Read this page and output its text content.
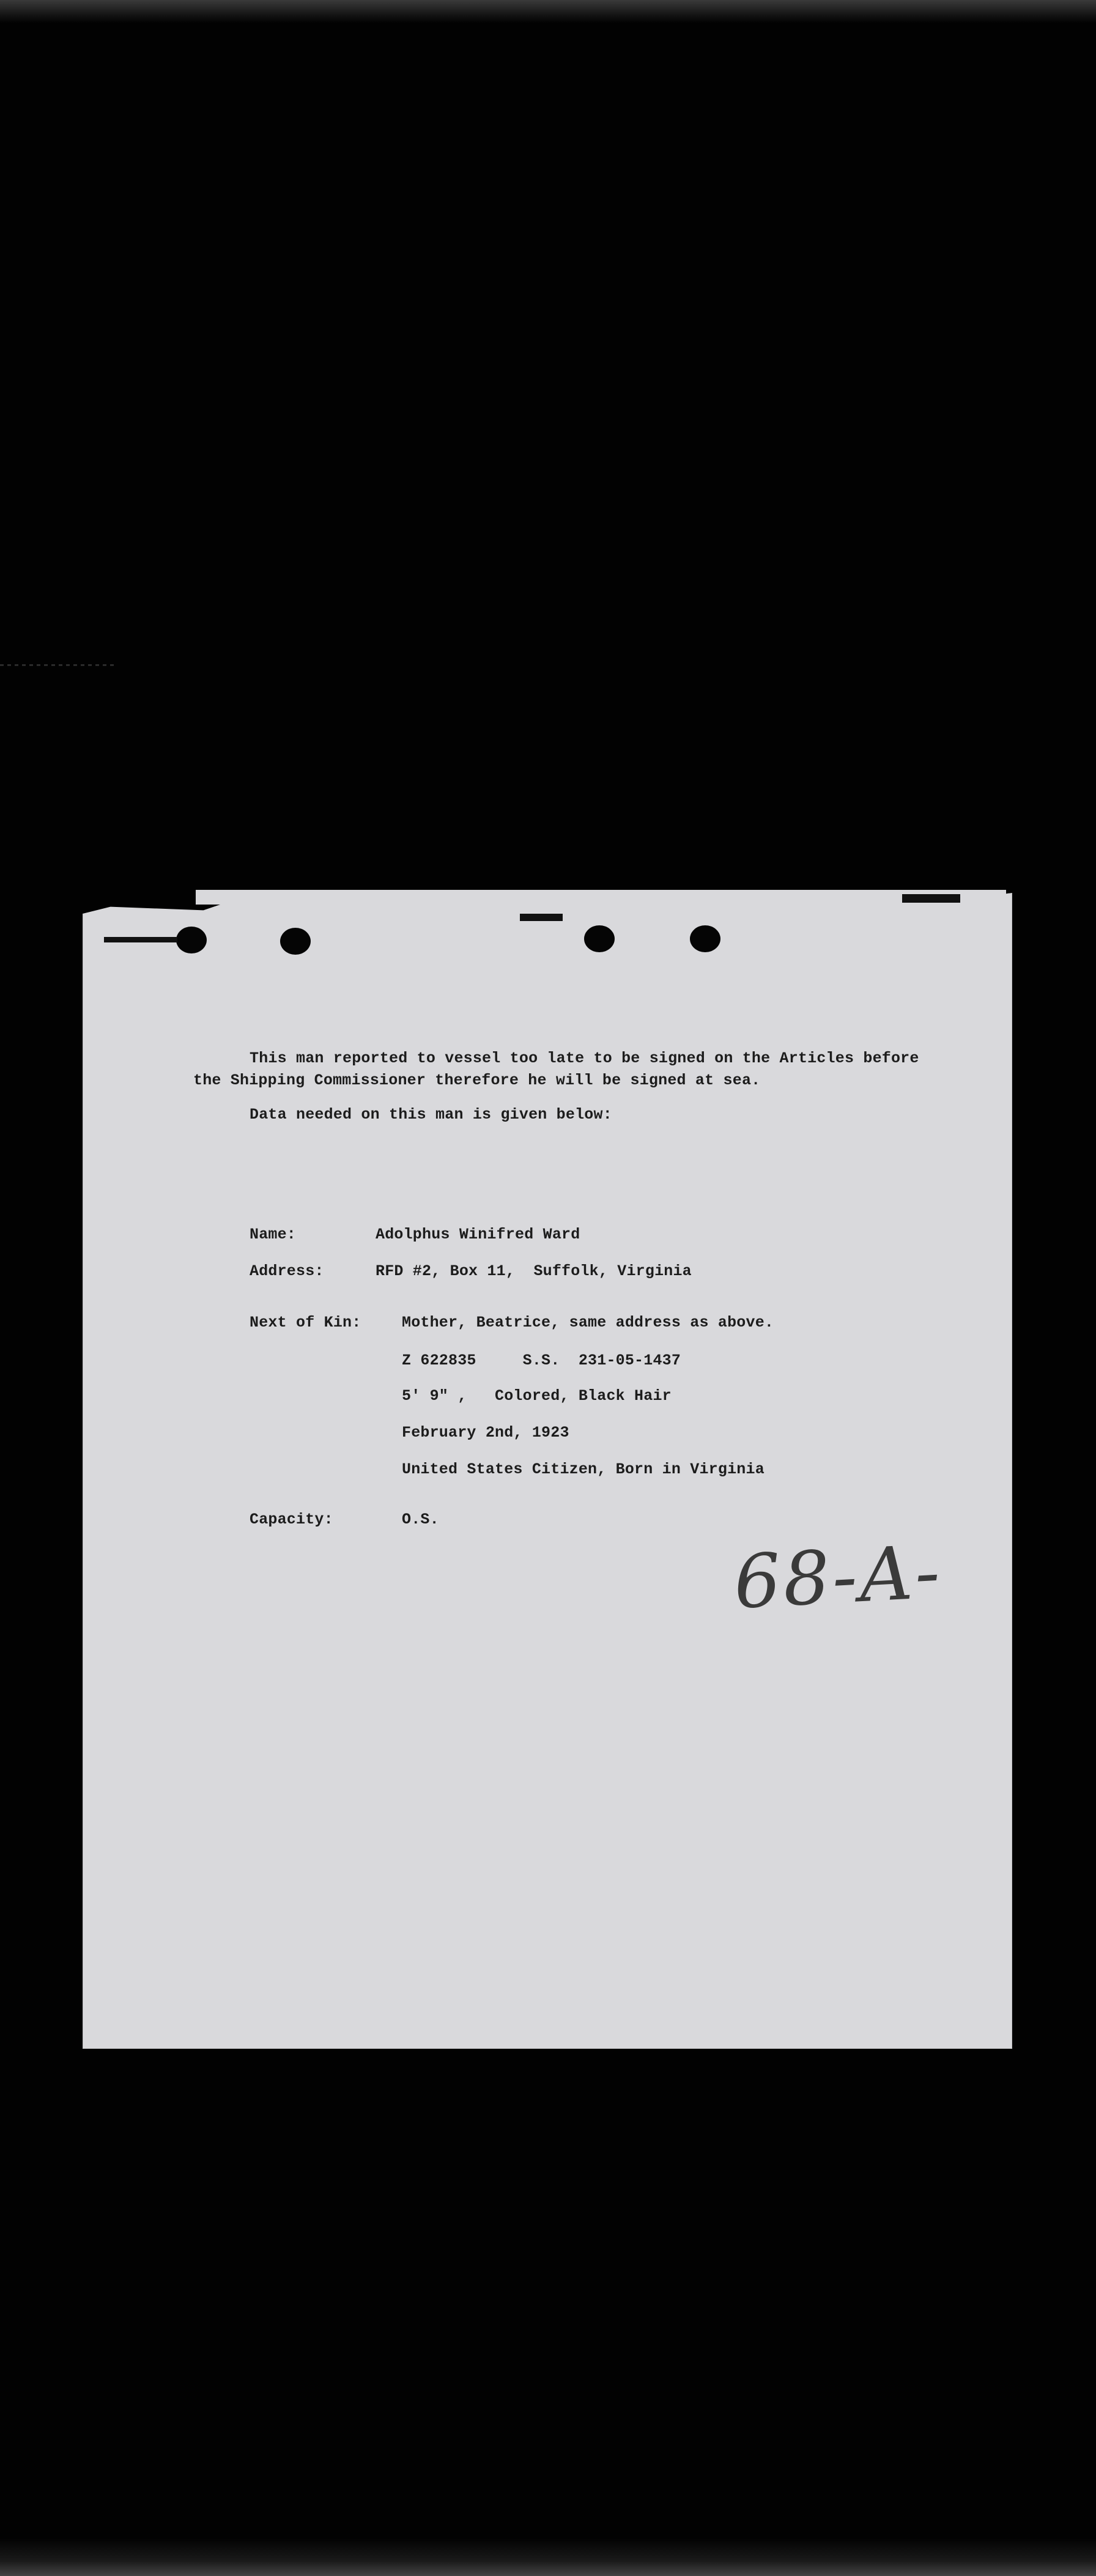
This man reported to vessel too late to be signed on the Articles before
the Shipping Commissioner therefore he will be signed at sea.
Data needed on this man is given below:
Name:	Adolphus Winifred Ward
Address:	RFD #2, Box 11,  Suffolk, Virginia
Next of Kin:	Mother, Beatrice, same address as above.
Z 622835     S.S.  231-05-1437
5' 9" ,   Colored, Black Hair
February 2nd, 1923
United States Citizen, Born in Virginia
Capacity:	O.S.
68-A-
